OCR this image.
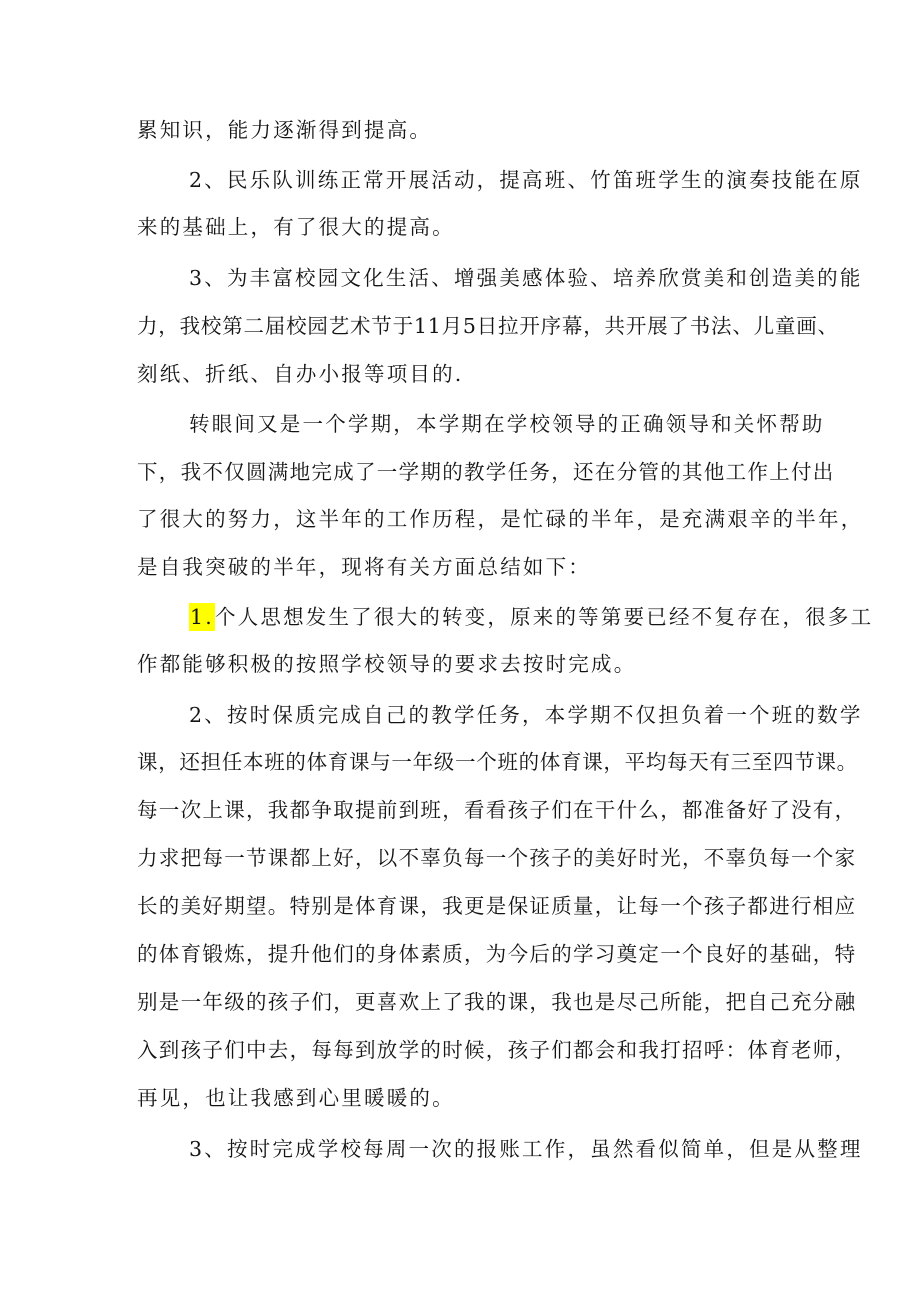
累知识，能力逐渐得到提高。
2、民乐队训练正常开展活动，提高班、竹笛班学生的演奏技能在原
来的基础上，有了很大的提高。
3、为丰富校园文化生活、增强美感体验、培养欣赏美和创造美的能
力，我校第二届校园艺术节于11月5日拉开序幕，共开展了书法、儿童画、
刻纸、折纸、自办小报等项目的.
转眼间又是一个学期，本学期在学校领导的正确领导和关怀帮助
下，我不仅圆满地完成了一学期的教学任务，还在分管的其他工作上付出
了很大的努力，这半年的工作历程，是忙碌的半年，是充满艰辛的半年，
是自我突破的半年，现将有关方面总结如下：
1.个人思想发生了很大的转变，原来的等第要已经不复存在，很多工
作都能够积极的按照学校领导的要求去按时完成。
2、按时保质完成自己的教学任务，本学期不仅担负着一个班的数学
课，还担任本班的体育课与一年级一个班的体育课，平均每天有三至四节课。
每一次上课，我都争取提前到班，看看孩子们在干什么，都准备好了没有，
力求把每一节课都上好，以不辜负每一个孩子的美好时光，不辜负每一个家
长的美好期望。特别是体育课，我更是保证质量，让每一个孩子都进行相应
的体育锻炼，提升他们的身体素质，为今后的学习奠定一个良好的基础，特
别是一年级的孩子们，更喜欢上了我的课，我也是尽己所能，把自己充分融
入到孩子们中去，每每到放学的时候，孩子们都会和我打招呼：体育老师，
再见，也让我感到心里暖暖的。
3、按时完成学校每周一次的报账工作，虽然看似简单，但是从整理
